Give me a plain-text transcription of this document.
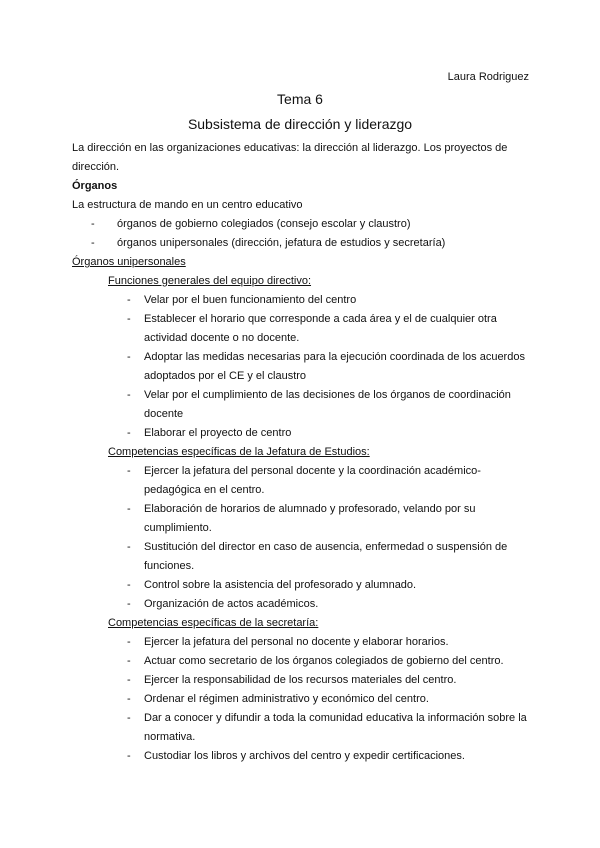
Laura Rodriguez
Tema 6
Subsistema de dirección y liderazgo

La dirección en las organizaciones educativas: la dirección al liderazgo. Los proyectos de dirección.

Órganos

La estructura de mando en un centro educativo

- órganos de gobierno colegiados (consejo escolar y claustro)
- órganos unipersonales (dirección, jefatura de estudios y secretaría)

Órganos unipersonales

Funciones generales del equipo directivo:
- Velar por el buen funcionamiento del centro
- Establecer el horario que corresponde a cada área y el de cualquier otra actividad docente o no docente.
- Adoptar las medidas necesarias para la ejecución coordinada de los acuerdos adoptados por el CE y el claustro
- Velar por el cumplimiento de las decisiones de los órganos de coordinación docente
- Elaborar el proyecto de centro
Competencias específicas de la Jefatura de Estudios:
- Ejercer la jefatura del personal docente y la coordinación académico-pedagógica en el centro.
- Elaboración de horarios de alumnado y profesorado, velando por su cumplimiento.
- Sustitución del director en caso de ausencia, enfermedad o suspensión de funciones.
- Control sobre la asistencia del profesorado y alumnado.
- Organización de actos académicos.
Competencias específicas de la secretaría:
- Ejercer la jefatura del personal no docente y elaborar horarios.
- Actuar como secretario de los órganos colegiados de gobierno del centro.
- Ejercer la responsabilidad de los recursos materiales del centro.
- Ordenar el régimen administrativo y económico del centro.
- Dar a conocer y difundir a toda la comunidad educativa la información sobre la normativa.
- Custodiar los libros y archivos del centro y expedir certificaciones.
